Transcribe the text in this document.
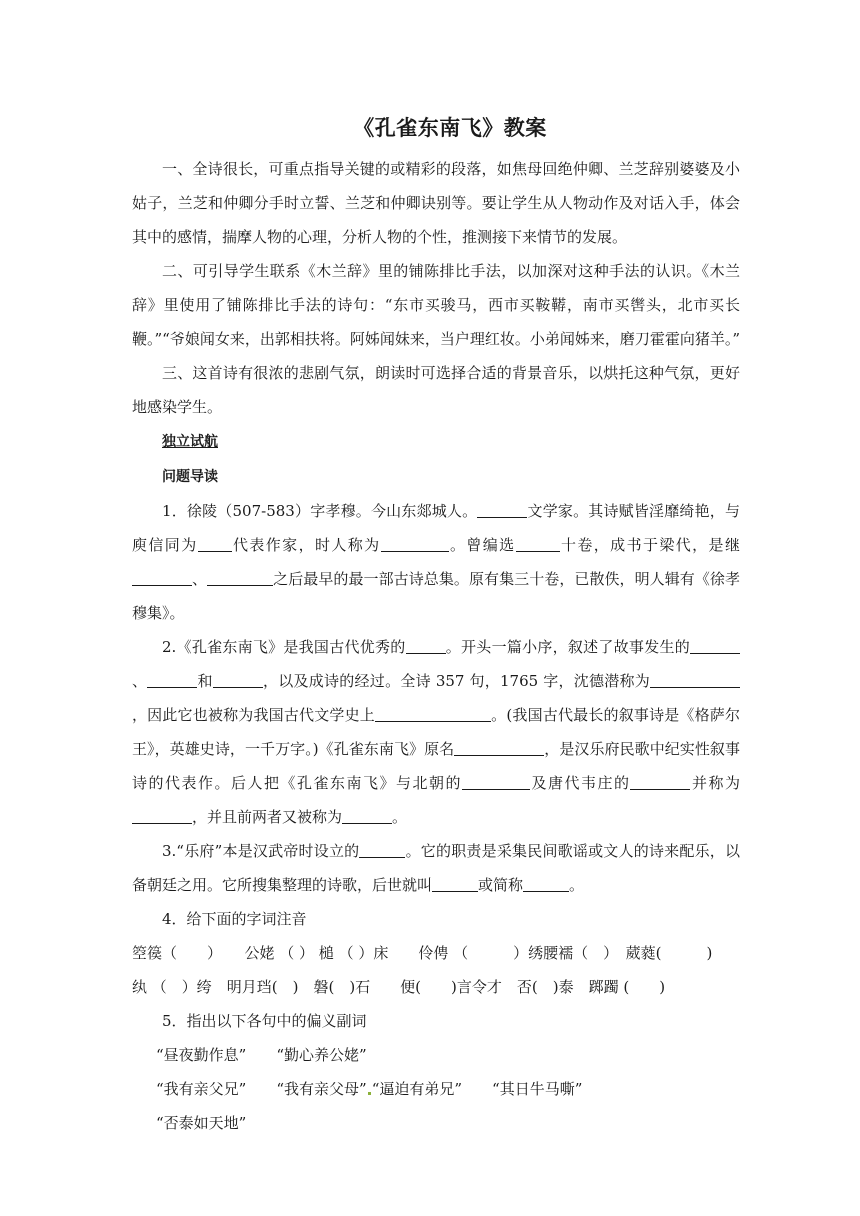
《孔雀东南飞》教案

一、全诗很长，可重点指导关键的或精彩的段落，如焦母回绝仲卿、兰芝辞别婆婆及小姑子，兰芝和仲卿分手时立誓、兰芝和仲卿诀别等。要让学生从人物动作及对话入手，体会其中的感情，揣摩人物的心理，分析人物的个性，推测接下来情节的发展。

二、可引导学生联系《木兰辞》里的铺陈排比手法，以加深对这种手法的认识。《木兰辞》里使用了铺陈排比手法的诗句：“东市买骏马，西市买鞍鞯，南市买辔头，北市买长鞭。”“爷娘闻女来，出郭相扶将。阿姊闻妹来，当户理红妆。小弟闻姊来，磨刀霍霍向猪羊。”

三、这首诗有很浓的悲剧气氛，朗读时可选择合适的背景音乐，以烘托这种气氛，更好地感染学生。

独立试航

问题导读

1．徐陵（507-583）字孝穆。今山东郯城人。	文学家。其诗赋皆淫靡绮艳，与庾信同为 代表作家，时人称为	。曾编选	十卷，成书于梁代，是继、	之后最早的最一部古诗总集。原有集三十卷，已散佚，明人辑有《徐孝穆集》。

2.《孔雀东南飞》是我国古代优秀的	。开头一篇小序，叙述了故事发生的、	和	，以及成诗的经过。全诗 357 句，1765 字，沈德潜称为，因此它也被称为我国古代文学史上	。(我国古代最长的叙事诗是《格萨尔王》，英雄史诗，一千万字。)《孔雀东南飞》原名	，是汉乐府民歌中纪实性叙事诗的代表作。后人把《孔雀东南飞》与北朝的	及唐代韦庄的	并称为，并且前两者又被称为	。

3.“乐府”本是汉武帝时设立的	。它的职责是采集民间歌谣或文人的诗来配乐，以备朝廷之用。它所搜集整理的诗歌，后世就叫	或简称	。

4．给下面的字词注音

箜篌（　　）　　公姥 （ ） 槌 （ ）床　　伶俜 （　　　）绣腰襦（　）　葳蕤(　　　)

纨 （　）绔　明月珰(　)　磐(　)石　　便(　　)言令才　否(　)泰　踯躅 (　　)

5．指出以下各句中的偏义副词

“昼夜勤作息”　　“勤心养公姥”

“我有亲父兄”　　“我有亲父母” “逼迫有弟兄”　　“其日牛马嘶”

“否泰如天地”
